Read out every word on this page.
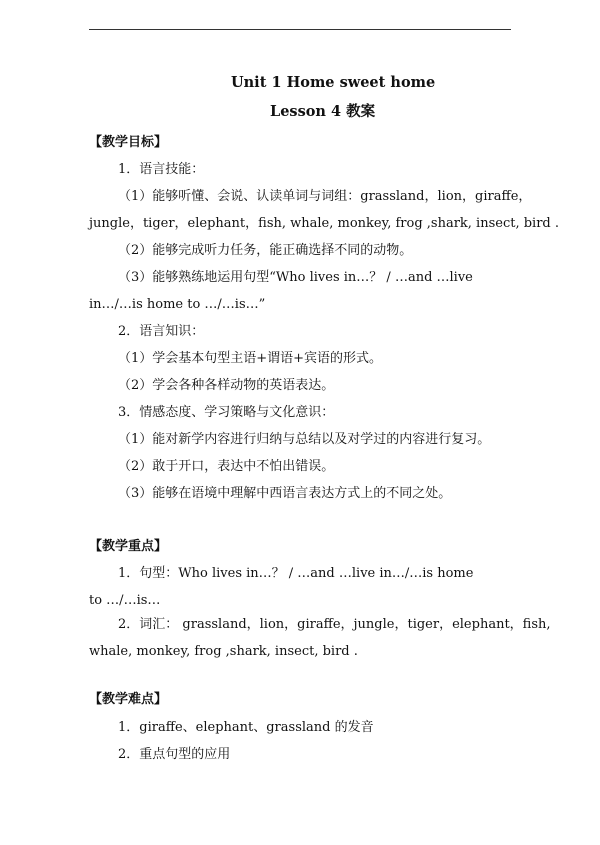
Unit 1 Home sweet home
Lesson 4 教案
【教学目标】
1．语言技能：
（1）能够听懂、会说、认读单词与词组：grassland，lion，giraffe，
jungle，tiger，elephant，fish, whale, monkey, frog ,shark, insect, bird .
（2）能够完成听力任务，能正确选择不同的动物。
（3）能够熟练地运用句型“Who lives in…？ / …and …live
in…/…is home to …/…is…”
2．语言知识：
（1）学会基本句型主语+谓语+宾语的形式。
（2）学会各种各样动物的英语表达。
3．情感态度、学习策略与文化意识：
（1）能对新学内容进行归纳与总结以及对学过的内容进行复习。
（2）敢于开口，表达中不怕出错误。
（3）能够在语境中理解中西语言表达方式上的不同之处。
【教学重点】
1．句型：Who lives in…？ / …and …live in…/…is home
to …/…is…
2．词汇： grassland，lion，giraffe，jungle，tiger，elephant，fish,
whale, monkey, frog ,shark, insect, bird .
【教学难点】
1．giraffe、elephant、grassland 的发音
2．重点句型的应用
